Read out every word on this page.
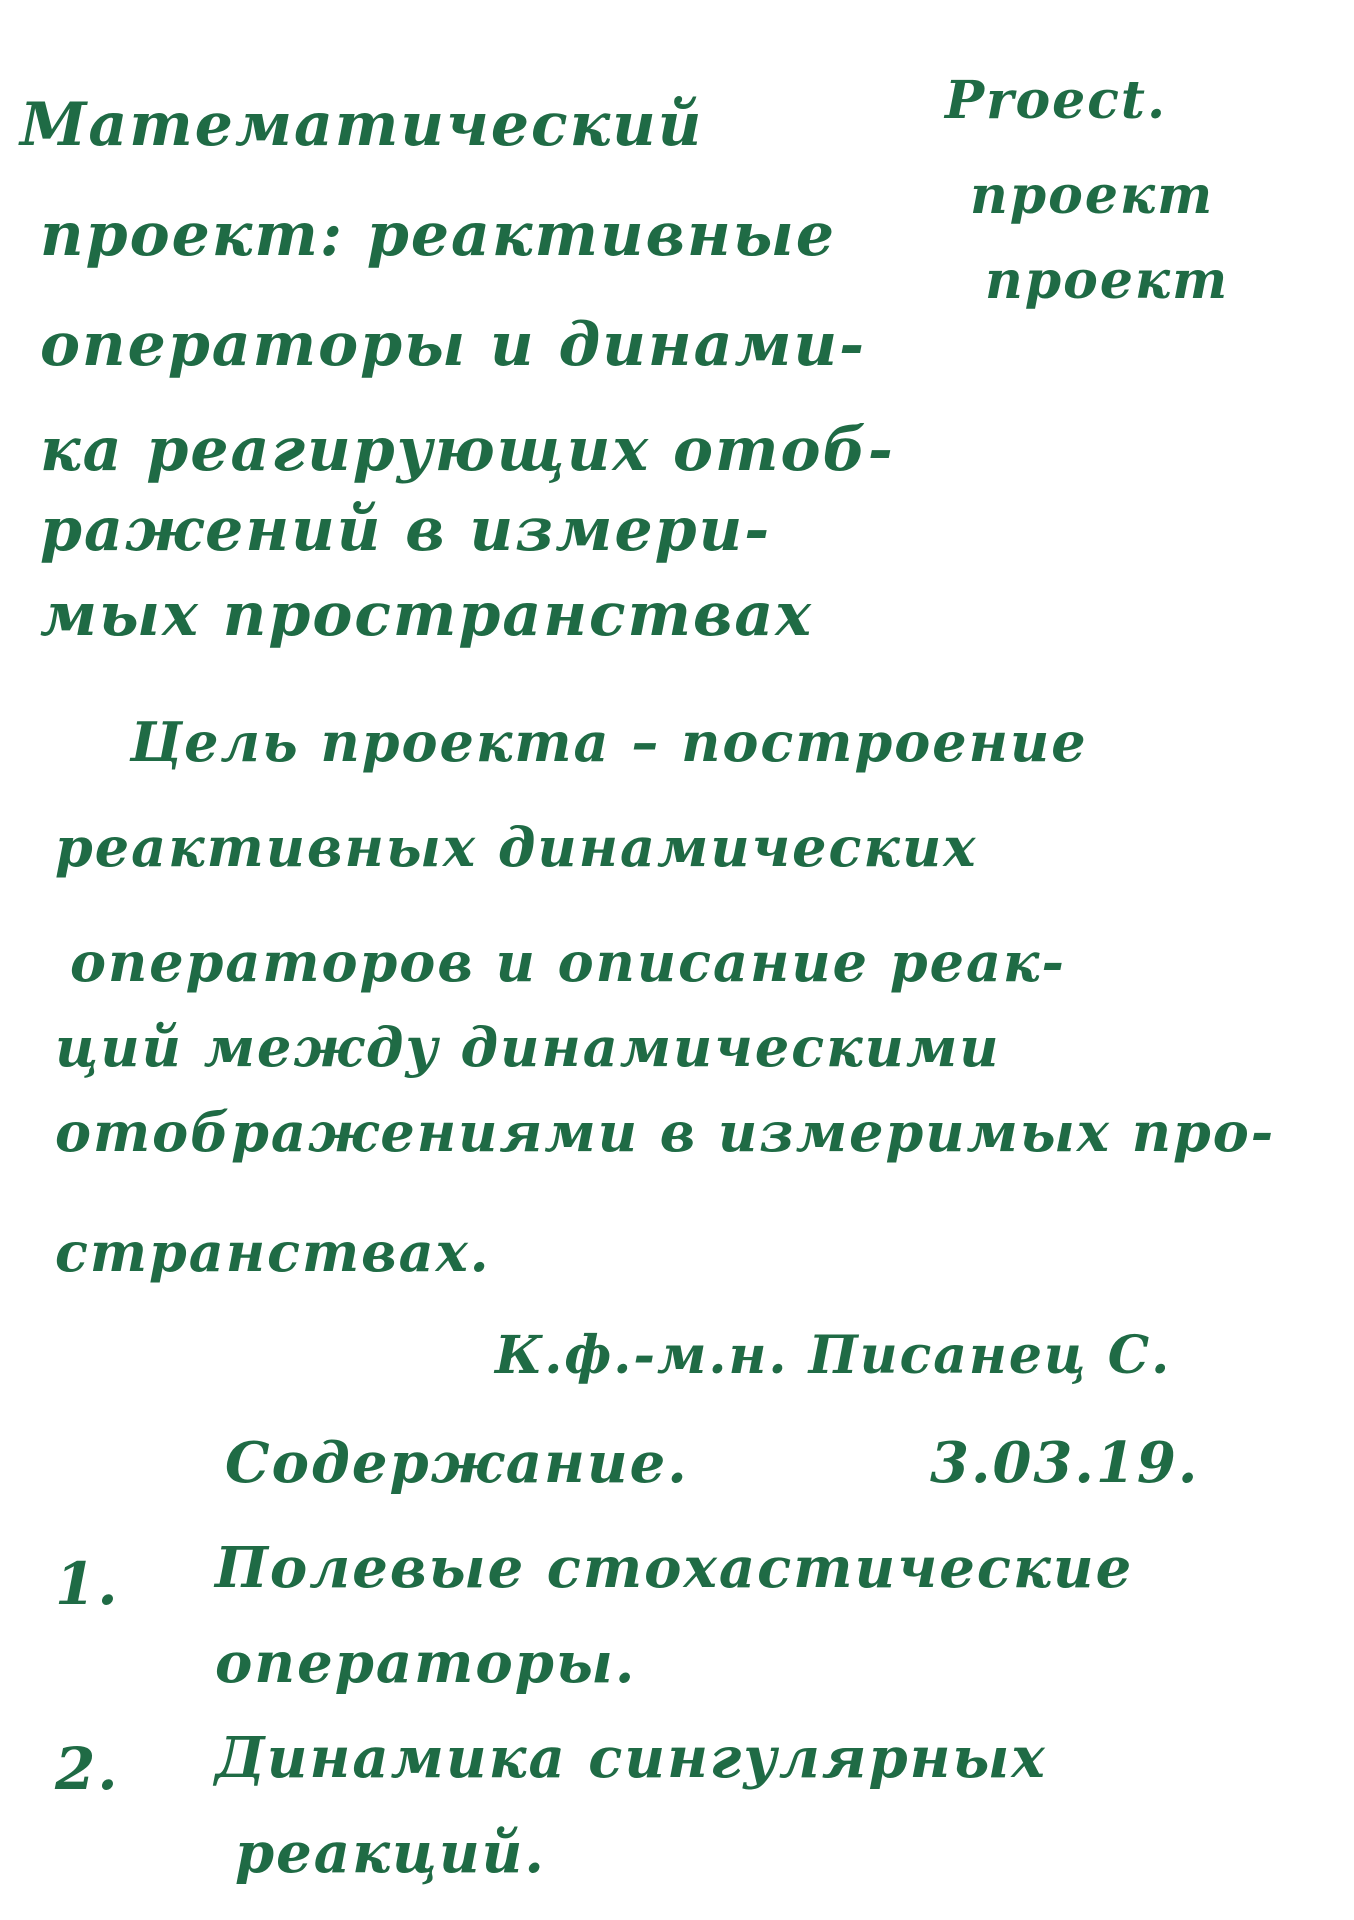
Математический
проект: реактивные
операторы и динами-
ка реагирующих отоб-
ражений в измери-
мых пространствах
Proect.
проект
проект
Цель проекта – построение
реактивных динамических
операторов и описание реак-
ций между динамическими
отображениями в измеримых про-
странствах.
К.ф.-м.н. Писанец С.
Содержание.	3.03.19.
1. Полевые стохастические
операторы.
2. Динамика сингулярных
реакций.
